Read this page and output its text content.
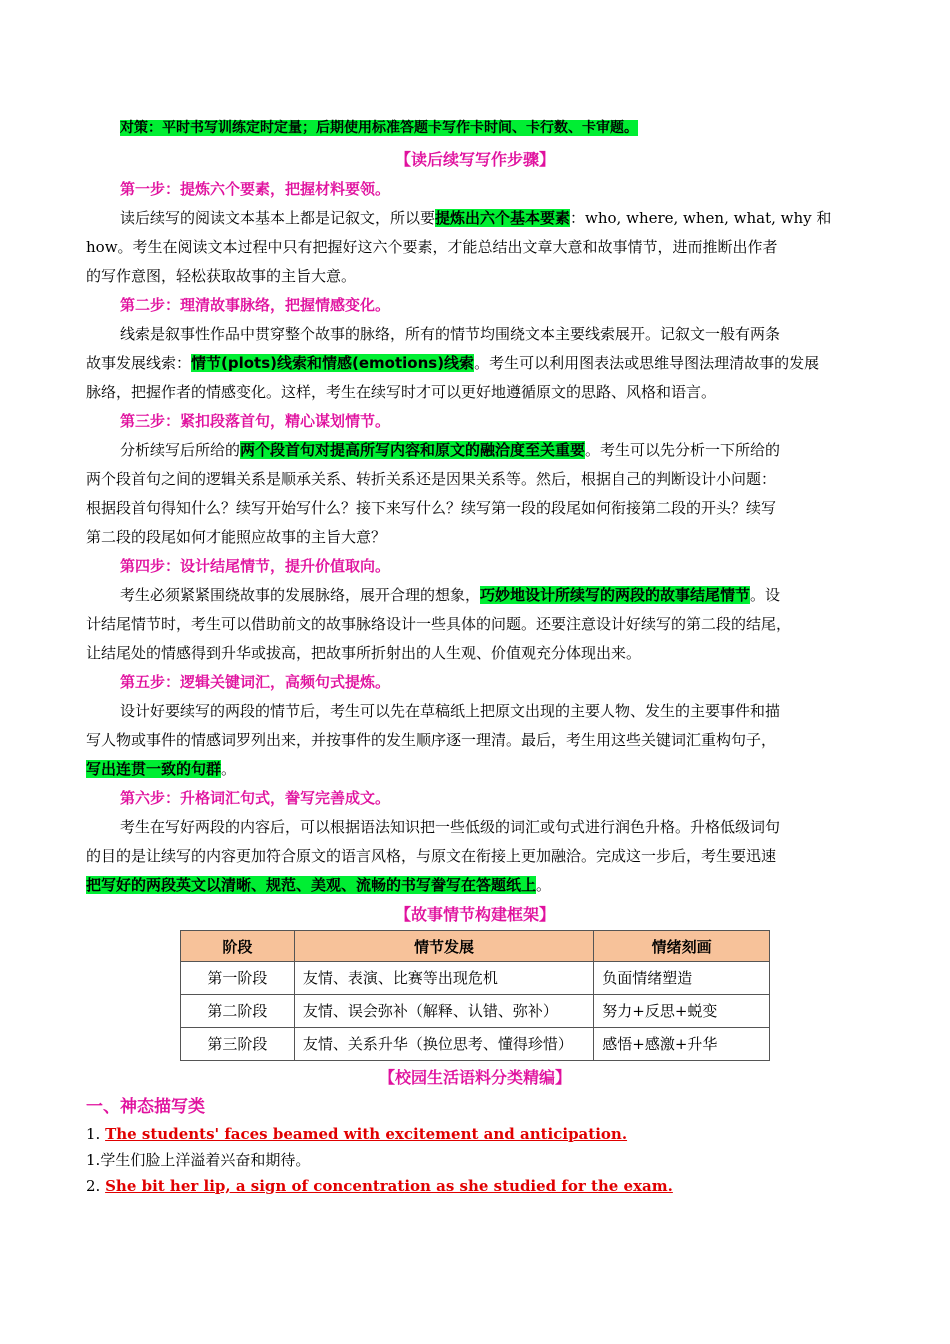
对策：平时书写训练定时定量；后期使用标准答题卡写作卡时间、卡行数、卡审题。
【读后续写写作步骤】
第一步：提炼六个要素，把握材料要领。
读后续写的阅读文本基本上都是记叙文，所以要提炼出六个基本要素：who, where, when, what, why 和
how。考生在阅读文本过程中只有把握好这六个要素，才能总结出文章大意和故事情节，进而推断出作者
的写作意图，轻松获取故事的主旨大意。
第二步：理清故事脉络，把握情感变化。
线索是叙事性作品中贯穿整个故事的脉络，所有的情节均围绕文本主要线索展开。记叙文一般有两条
故事发展线索：情节(plots)线索和情感(emotions)线索。考生可以利用图表法或思维导图法理清故事的发展
脉络，把握作者的情感变化。这样，考生在续写时才可以更好地遵循原文的思路、风格和语言。
第三步：紧扣段落首句，精心谋划情节。
分析续写后所给的两个段首句对提高所写内容和原文的融洽度至关重要。考生可以先分析一下所给的
两个段首句之间的逻辑关系是顺承关系、转折关系还是因果关系等。然后，根据自己的判断设计小问题：
根据段首句得知什么？续写开始写什么？接下来写什么？续写第一段的段尾如何衔接第二段的开头？续写
第二段的段尾如何才能照应故事的主旨大意？
第四步：设计结尾情节，提升价值取向。
考生必须紧紧围绕故事的发展脉络，展开合理的想象，巧妙地设计所续写的两段的故事结尾情节。设
计结尾情节时，考生可以借助前文的故事脉络设计一些具体的问题。还要注意设计好续写的第二段的结尾，
让结尾处的情感得到升华或拔高，把故事所折射出的人生观、价值观充分体现出来。
第五步：逻辑关键词汇，高频句式提炼。
设计好要续写的两段的情节后，考生可以先在草稿纸上把原文出现的主要人物、发生的主要事件和描
写人物或事件的情感词罗列出来，并按事件的发生顺序逐一理清。最后，考生用这些关键词汇重构句子，
写出连贯一致的句群。
第六步：升格词汇句式，誊写完善成文。
考生在写好两段的内容后，可以根据语法知识把一些低级的词汇或句式进行润色升格。升格低级词句
的目的是让续写的内容更加符合原文的语言风格，与原文在衔接上更加融洽。完成这一步后，考生要迅速
把写好的两段英文以清晰、规范、美观、流畅的书写誊写在答题纸上。
【故事情节构建框架】
阶段	情节发展	情绪刻画
第一阶段	友情、表演、比赛等出现危机	负面情绪塑造
第二阶段	友情、误会弥补（解释、认错、弥补）	努力+反思+蜕变
第三阶段	友情、关系升华（换位思考、懂得珍惜）	感悟+感激+升华
【校园生活语料分类精编】
一、神态描写类
1. The students' faces beamed with excitement and anticipation.
1.学生们脸上洋溢着兴奋和期待。
2. She bit her lip, a sign of concentration as she studied for the exam.
